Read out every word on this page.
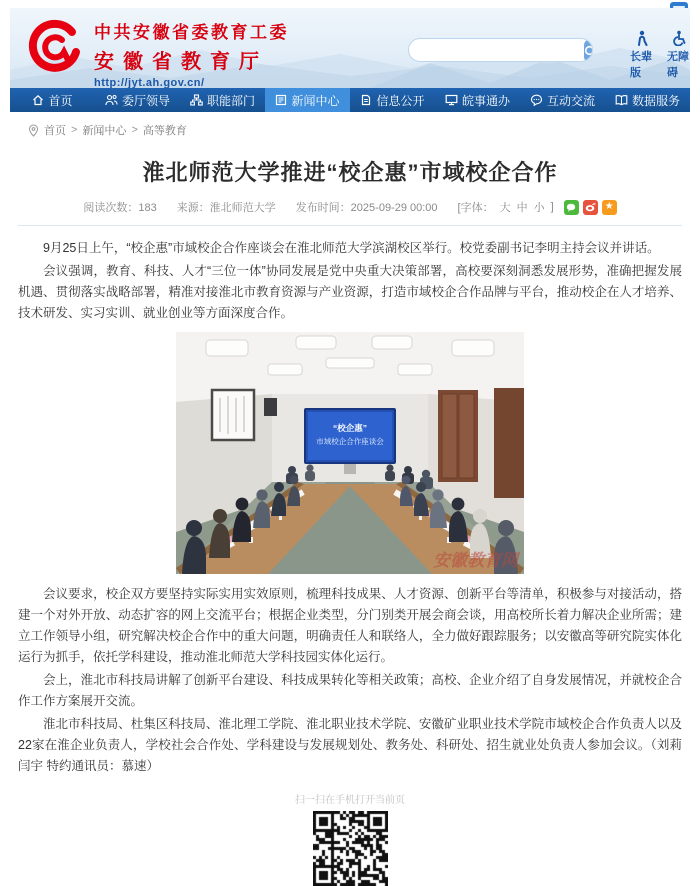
中共安徽省委教育工委
安徽省教育厅
http://jyt.ah.gov.cn/
长辈版
无障碍
首页	委厅领导	职能部门	新闻中心	信息公开	皖事通办	互动交流	数据服务
首页 > 新闻中心 > 高等教育
淮北师范大学推进“校企惠”市域校企合作
阅读次数：183 来源：淮北师范大学 发布时间：2025-09-29 00:00 [字体： 大 中 小 ]	★

9月25日上午，“校企惠”市域校企合作座谈会在淮北师范大学滨湖校区举行。校党委副书记李明主持会议并讲话。

会议强调，教育、科技、人才“三位一体”协同发展是党中央重大决策部署，高校要深刻洞悉发展形势，准确把握发展机遇、贯彻落实战略部署，精准对接淮北市教育资源与产业资源，打造市域校企合作品牌与平台，推动校企在人才培养、技术研发、实习实训、就业创业等方面深度合作。

“校企惠”
市域校企合作座谈会
安徽教育网

会议要求，校企双方要坚持实际实用实效原则，梳理科技成果、人才资源、创新平台等清单，积极参与对接活动，搭建一个对外开放、动态扩容的网上交流平台；根据企业类型，分门别类开展会商会谈，用高校所长着力解决企业所需；建立工作领导小组，研究解决校企合作中的重大问题，明确责任人和联络人，全力做好跟踪服务；以安徽高等研究院实体化运行为抓手，依托学科建设，推动淮北师范大学科技园实体化运行。

会上，淮北市科技局讲解了创新平台建设、科技成果转化等相关政策；高校、企业介绍了自身发展情况，并就校企合作工作方案展开交流。

淮北市科技局、杜集区科技局、淮北理工学院、淮北职业技术学院、安徽矿业职业技术学院市域校企合作负责人以及22家在淮企业负责人，学校社会合作处、学科建设与发展规划处、教务处、科研处、招生就业处负责人参加会议。（刘莉 闫宇 特约通讯员：慕速）

扫一扫在手机打开当前页
